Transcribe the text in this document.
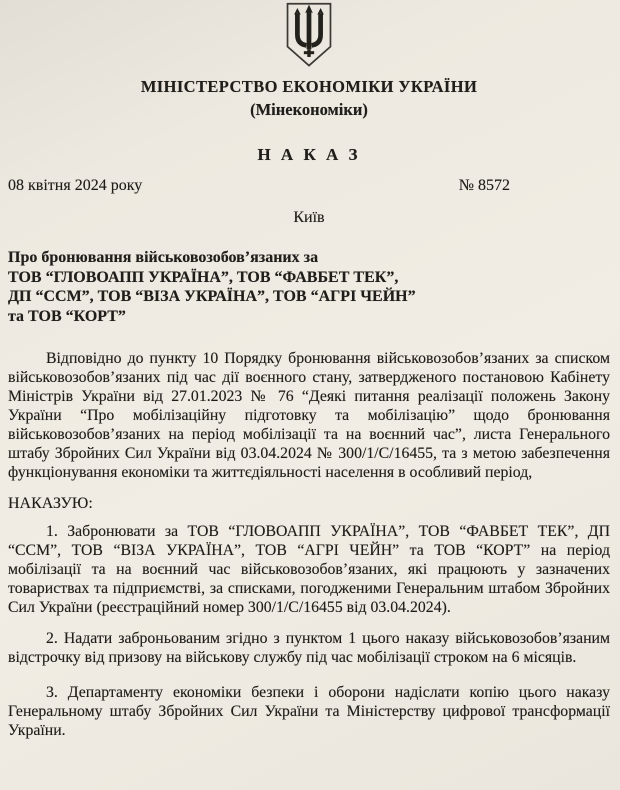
МІНІСТЕРСТВО ЕКОНОМІКИ УКРАЇНИ
(Мінекономіки)
Н А К А З
08 квітня 2024 року	№ 8572
Київ
Про бронювання військовозобов’язаних за
ТОВ “ГЛОВОАПП УКРАЇНА”, ТОВ “ФАВБЕТ ТЕК”,
ДП “ССМ”, ТОВ “ВІЗА УКРАЇНА”, ТОВ “АГРІ ЧЕЙН”
та ТОВ “КОРТ”

Відповідно до пункту 10 Порядку бронювання військовозобов’язаних за списком військовозобов’язаних під час дії воєнного стану, затвердженого постановою Кабінету Міністрів України від 27.01.2023 № 76 “Деякі питання реалізації положень Закону України “Про мобілізаційну підготовку та мобілізацію” щодо бронювання військовозобов’язаних на період мобілізації та на воєнний час”, листа Генерального штабу Збройних Сил України від 03.04.2024 № 300/1/С/16455, та з метою забезпечення функціонування економіки та життєдіяльності населення в особливий період,

НАКАЗУЮ:

1. Забронювати за ТОВ “ГЛОВОАПП УКРАЇНА”, ТОВ “ФАВБЕТ ТЕК”, ДП “ССМ”, ТОВ “ВІЗА УКРАЇНА”, ТОВ “АГРІ ЧЕЙН” та ТОВ “КОРТ” на період мобілізації та на воєнний час військовозобов’язаних, які працюють у зазначених товариствах та підприємстві, за списками, погодженими Генеральним штабом Збройних Сил України (реєстраційний номер 300/1/С/16455 від 03.04.2024).

2. Надати заброньованим згідно з пунктом 1 цього наказу військовозобов’язаним відстрочку від призову на військову службу під час мобілізації строком на 6 місяців.

3. Департаменту економіки безпеки і оборони надіслати копію цього наказу Генеральному штабу Збройних Сил України та Міністерству цифрової трансформації України.
